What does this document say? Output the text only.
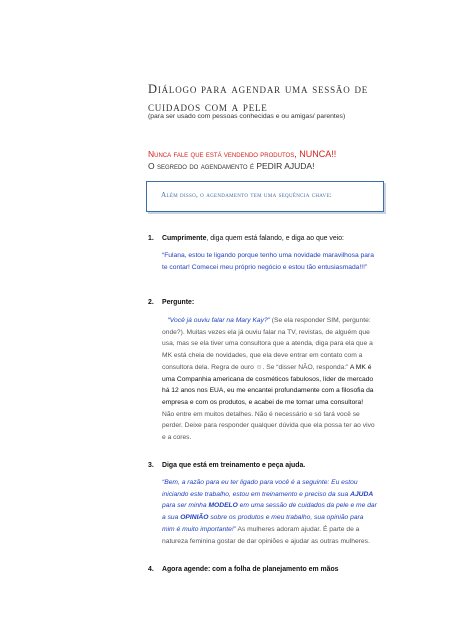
Diálogo para agendar uma sessão de cuidados com a pele
(para ser usado com pessoas conhecidas e ou amigas/ parentes)
Nunca fale que está vendendo produtos, NUNCA!!
O segredo do agendamento é PEDIR AJUDA!
Além disso, o agendamento tem uma sequência chave:
1. Cumprimente, diga quem está falando, e diga ao que veio:
“Fulana, estou te ligando porque tenho uma novidade maravilhosa para te contar! Comecei meu próprio negócio e estou tão entusiasmada!!!”
2. Pergunte:
“Você já ouviu falar na Mary Kay?” (Se ela responder SIM, pergunte: onde?). Muitas vezes ela já ouviu falar na TV, revistas, de alguém que usa, mas se ela tiver uma consultora que a atenda, diga para ela que a MK está cheia de novidades, que ela deve entrar em contato com a consultora dela. Regra de ouro ☺. Se “disser NÃO, responda:” A MK é uma Companhia americana de cosméticos fabulosos, líder de mercado há 12 anos nos EUA, eu me encantei profundamente com a filosofia da empresa e com os produtos, e acabei de me tornar uma consultora! Não entre em muitos detalhes. Não é necessário e só fará você se perder. Deixe para responder qualquer dúvida que ela possa ter ao vivo e a cores.
3. Diga que está em treinamento e peça ajuda.
“Bem, a razão para eu ter ligado para você é a seguinte: Eu estou iniciando este trabalho, estou em treinamento e preciso da sua AJUDA para ser minha MODELO em uma sessão de cuidados da pele e me dar a sua OPINIÃO sobre os produtos e meu trabalho, sua opinião para mim é muito importante!” As mulheres adoram ajudar. É parte de a natureza feminina gostar de dar opiniões e ajudar as outras mulheres.
4. Agora agende: com a folha de planejamento em mãos
